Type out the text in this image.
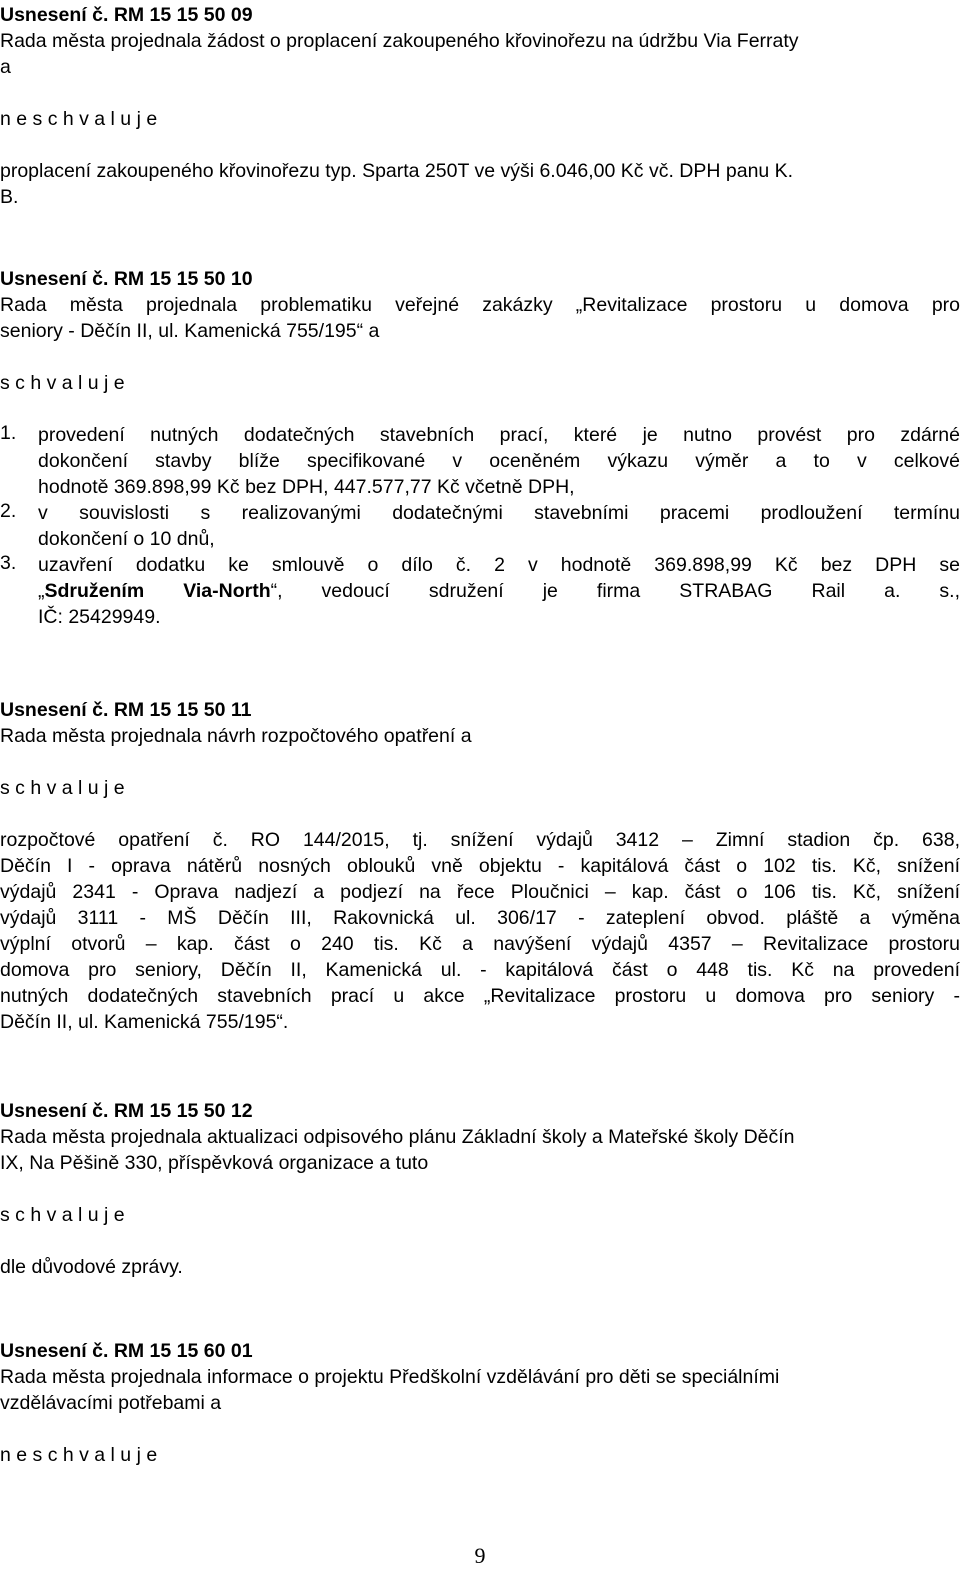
Usnesení č. RM 15 15 50 09
Rada města projednala žádost o proplacení zakoupeného křovinořezu na údržbu Via Ferraty
a
n e s c h v a l u j e
proplacení zakoupeného křovinořezu typ. Sparta 250T ve výši 6.046,00 Kč vč. DPH panu K.
B.
Usnesení č. RM 15 15 50 10
Rada města projednala problematiku veřejné zakázky „Revitalizace prostoru u domova pro
seniory - Děčín II, ul. Kamenická 755/195“ a
s c h v a l u j e
1. provedení nutných dodatečných stavebních prací, které je nutno provést pro zdárné
dokončení stavby blíže specifikované v oceněném výkazu výměr a to v celkové
hodnotě 369.898,99 Kč bez DPH, 447.577,77 Kč včetně DPH,
2. v souvislosti s realizovanými dodatečnými stavebními pracemi prodloužení termínu
dokončení o 10 dnů,
3. uzavření dodatku ke smlouvě o dílo č. 2 v hodnotě 369.898,99 Kč bez DPH se
„Sdružením Via-North“, vedoucí sdružení je firma STRABAG Rail a. s.,
IČ: 25429949.
Usnesení č. RM 15 15 50 11
Rada města projednala návrh rozpočtového opatření a
s c h v a l u j e
rozpočtové opatření č. RO 144/2015, tj. snížení výdajů 3412 – Zimní stadion čp. 638,
Děčín I - oprava nátěrů nosných oblouků vně objektu - kapitálová část o 102 tis. Kč, snížení
výdajů 2341 - Oprava nadjezí a podjezí na řece Ploučnici – kap. část o 106 tis. Kč, snížení
výdajů 3111 - MŠ Děčín III, Rakovnická ul. 306/17 - zateplení obvod. pláště a výměna
výplní otvorů – kap. část o 240 tis. Kč a navýšení výdajů 4357 – Revitalizace prostoru
domova pro seniory, Děčín II, Kamenická ul. - kapitálová část o 448 tis. Kč na provedení
nutných dodatečných stavebních prací u akce „Revitalizace prostoru u domova pro seniory -
Děčín II, ul. Kamenická 755/195“.
Usnesení č. RM 15 15 50 12
Rada města projednala aktualizaci odpisového plánu Základní školy a Mateřské školy Děčín
IX, Na Pěšině 330, příspěvková organizace a tuto
s c h v a l u j e
dle důvodové zprávy.
Usnesení č. RM 15 15 60 01
Rada města projednala informace o projektu Předškolní vzdělávání pro děti se speciálními
vzdělávacími potřebami a
n e s c h v a l u j e
9
